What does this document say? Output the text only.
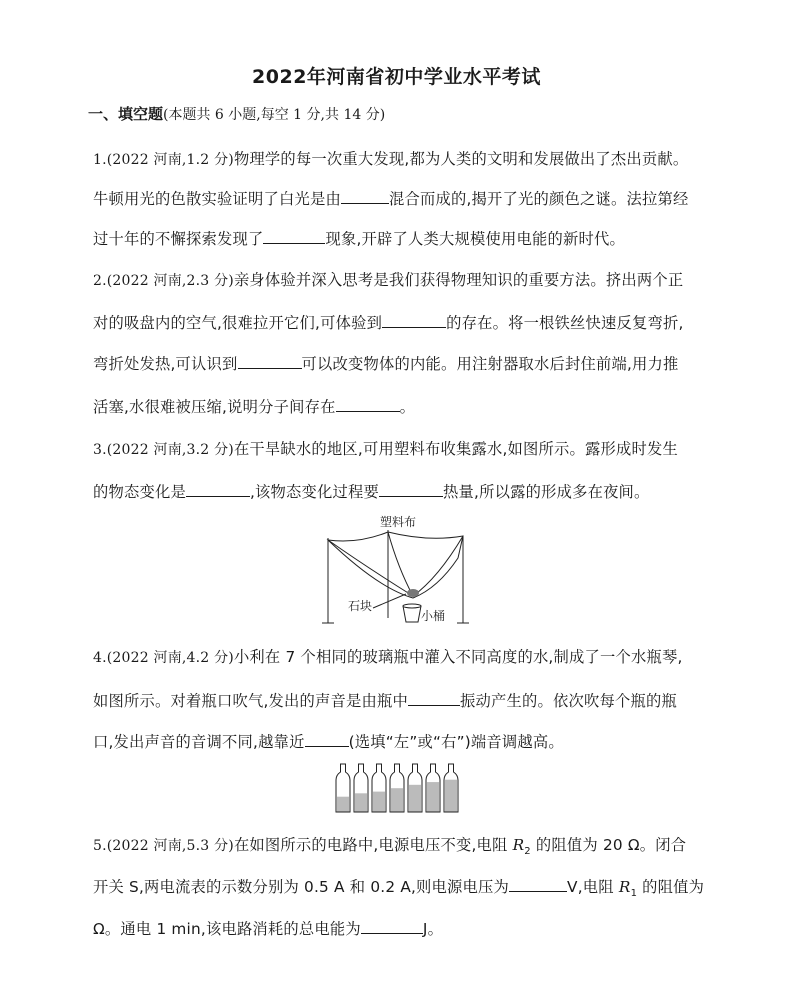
2022年河南省初中学业水平考试
一、填空题(本题共 6 小题,每空 1 分,共 14 分)
1.(2022 河南,1.2 分)物理学的每一次重大发现,都为人类的文明和发展做出了杰出贡献。
牛顿用光的色散实验证明了白光是由	混合而成的,揭开了光的颜色之谜。法拉第经
过十年的不懈探索发现了	现象,开辟了人类大规模使用电能的新时代。
2.(2022 河南,2.3 分)亲身体验并深入思考是我们获得物理知识的重要方法。挤出两个正
对的吸盘内的空气,很难拉开它们,可体验到	的存在。将一根铁丝快速反复弯折,
弯折处发热,可认识到	可以改变物体的内能。用注射器取水后封住前端,用力推
活塞,水很难被压缩,说明分子间存在	。
3.(2022 河南,3.2 分)在干旱缺水的地区,可用塑料布收集露水,如图所示。露形成时发生
的物态变化是	,该物态变化过程要	热量,所以露的形成多在夜间。
塑料布
石块
小桶
4.(2022 河南,4.2 分)小利在 7 个相同的玻璃瓶中灌入不同高度的水,制成了一个水瓶琴,
如图所示。对着瓶口吹气,发出的声音是由瓶中	振动产生的。依次吹每个瓶的瓶
口,发出声音的音调不同,越靠近	(选填“左”或“右”)端音调越高。
5.(2022 河南,5.3 分)在如图所示的电路中,电源电压不变,电阻 $R_2$ 的阻值为 20 Ω。闭合
开关 S,两电流表的示数分别为 0.5 A 和 0.2 A,则电源电压为	V,电阻 $R_1$ 的阻值为
Ω。通电 1 min,该电路消耗的总电能为	J。
